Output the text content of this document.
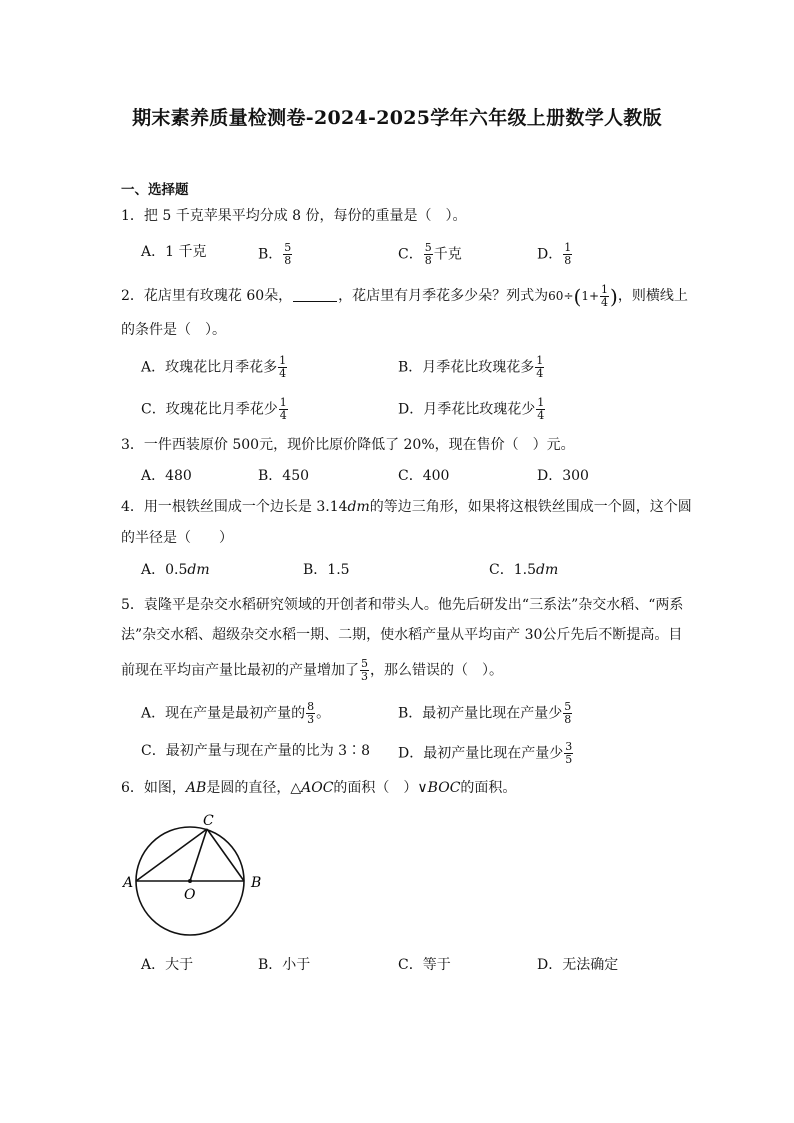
期末素养质量检测卷-2024-2025学年六年级上册数学人教版
一、选择题
1．把 5 千克苹果平均分成 8 份，每份的重量是（　）。
A．1 千克	B． $\frac{5}{8}$	C． $\frac{5}{8}$ 千克	D． $\frac{1}{8}$
2．花店里有玫瑰花 60朵，	，花店里有月季花多少朵？列式为$60\div(1+ \frac{1}{4}$ )，则横线上
的条件是（　）。
A．玫瑰花比月季花多 $\frac{1}{4}$	B．月季花比玫瑰花多 $\frac{1}{4}$
C．玫瑰花比月季花少 $\frac{1}{4}$	D．月季花比玫瑰花少 $\frac{1}{4}$
3．一件西装原价 500元，现价比原价降低了 20%，现在售价（　）元。
A．480	B．450	C．400	D．300
4．用一根铁丝围成一个边长是 3.14dm的等边三角形，如果将这根铁丝围成一个圆，这个圆
的半径是（　　）
A．0.5dm	B．1.5	C．1.5dm
5．袁隆平是杂交水稻研究领域的开创者和带头人。他先后研发出“三系法”杂交水稻、“两系
法”杂交水稻、超级杂交水稻一期、二期，使水稻产量从平均亩产 30公斤先后不断提高。目
前现在平均亩产量比最初的产量增加了 $\frac{5}{3}$ ，那么错误的（　）。
A．现在产量是最初产量的 $\frac{8}{3}$ 。	B．最初产量比现在产量少 $\frac{5}{8}$
C．最初产量与现在产量的比为 3∶8 D．最初产量比现在产量少 $\frac{3}{5}$
6．如图，AB是圆的直径，△AOC的面积（　）∨BOC的面积。
A	B
C
O
A．大于	B．小于	C．等于	D．无法确定
